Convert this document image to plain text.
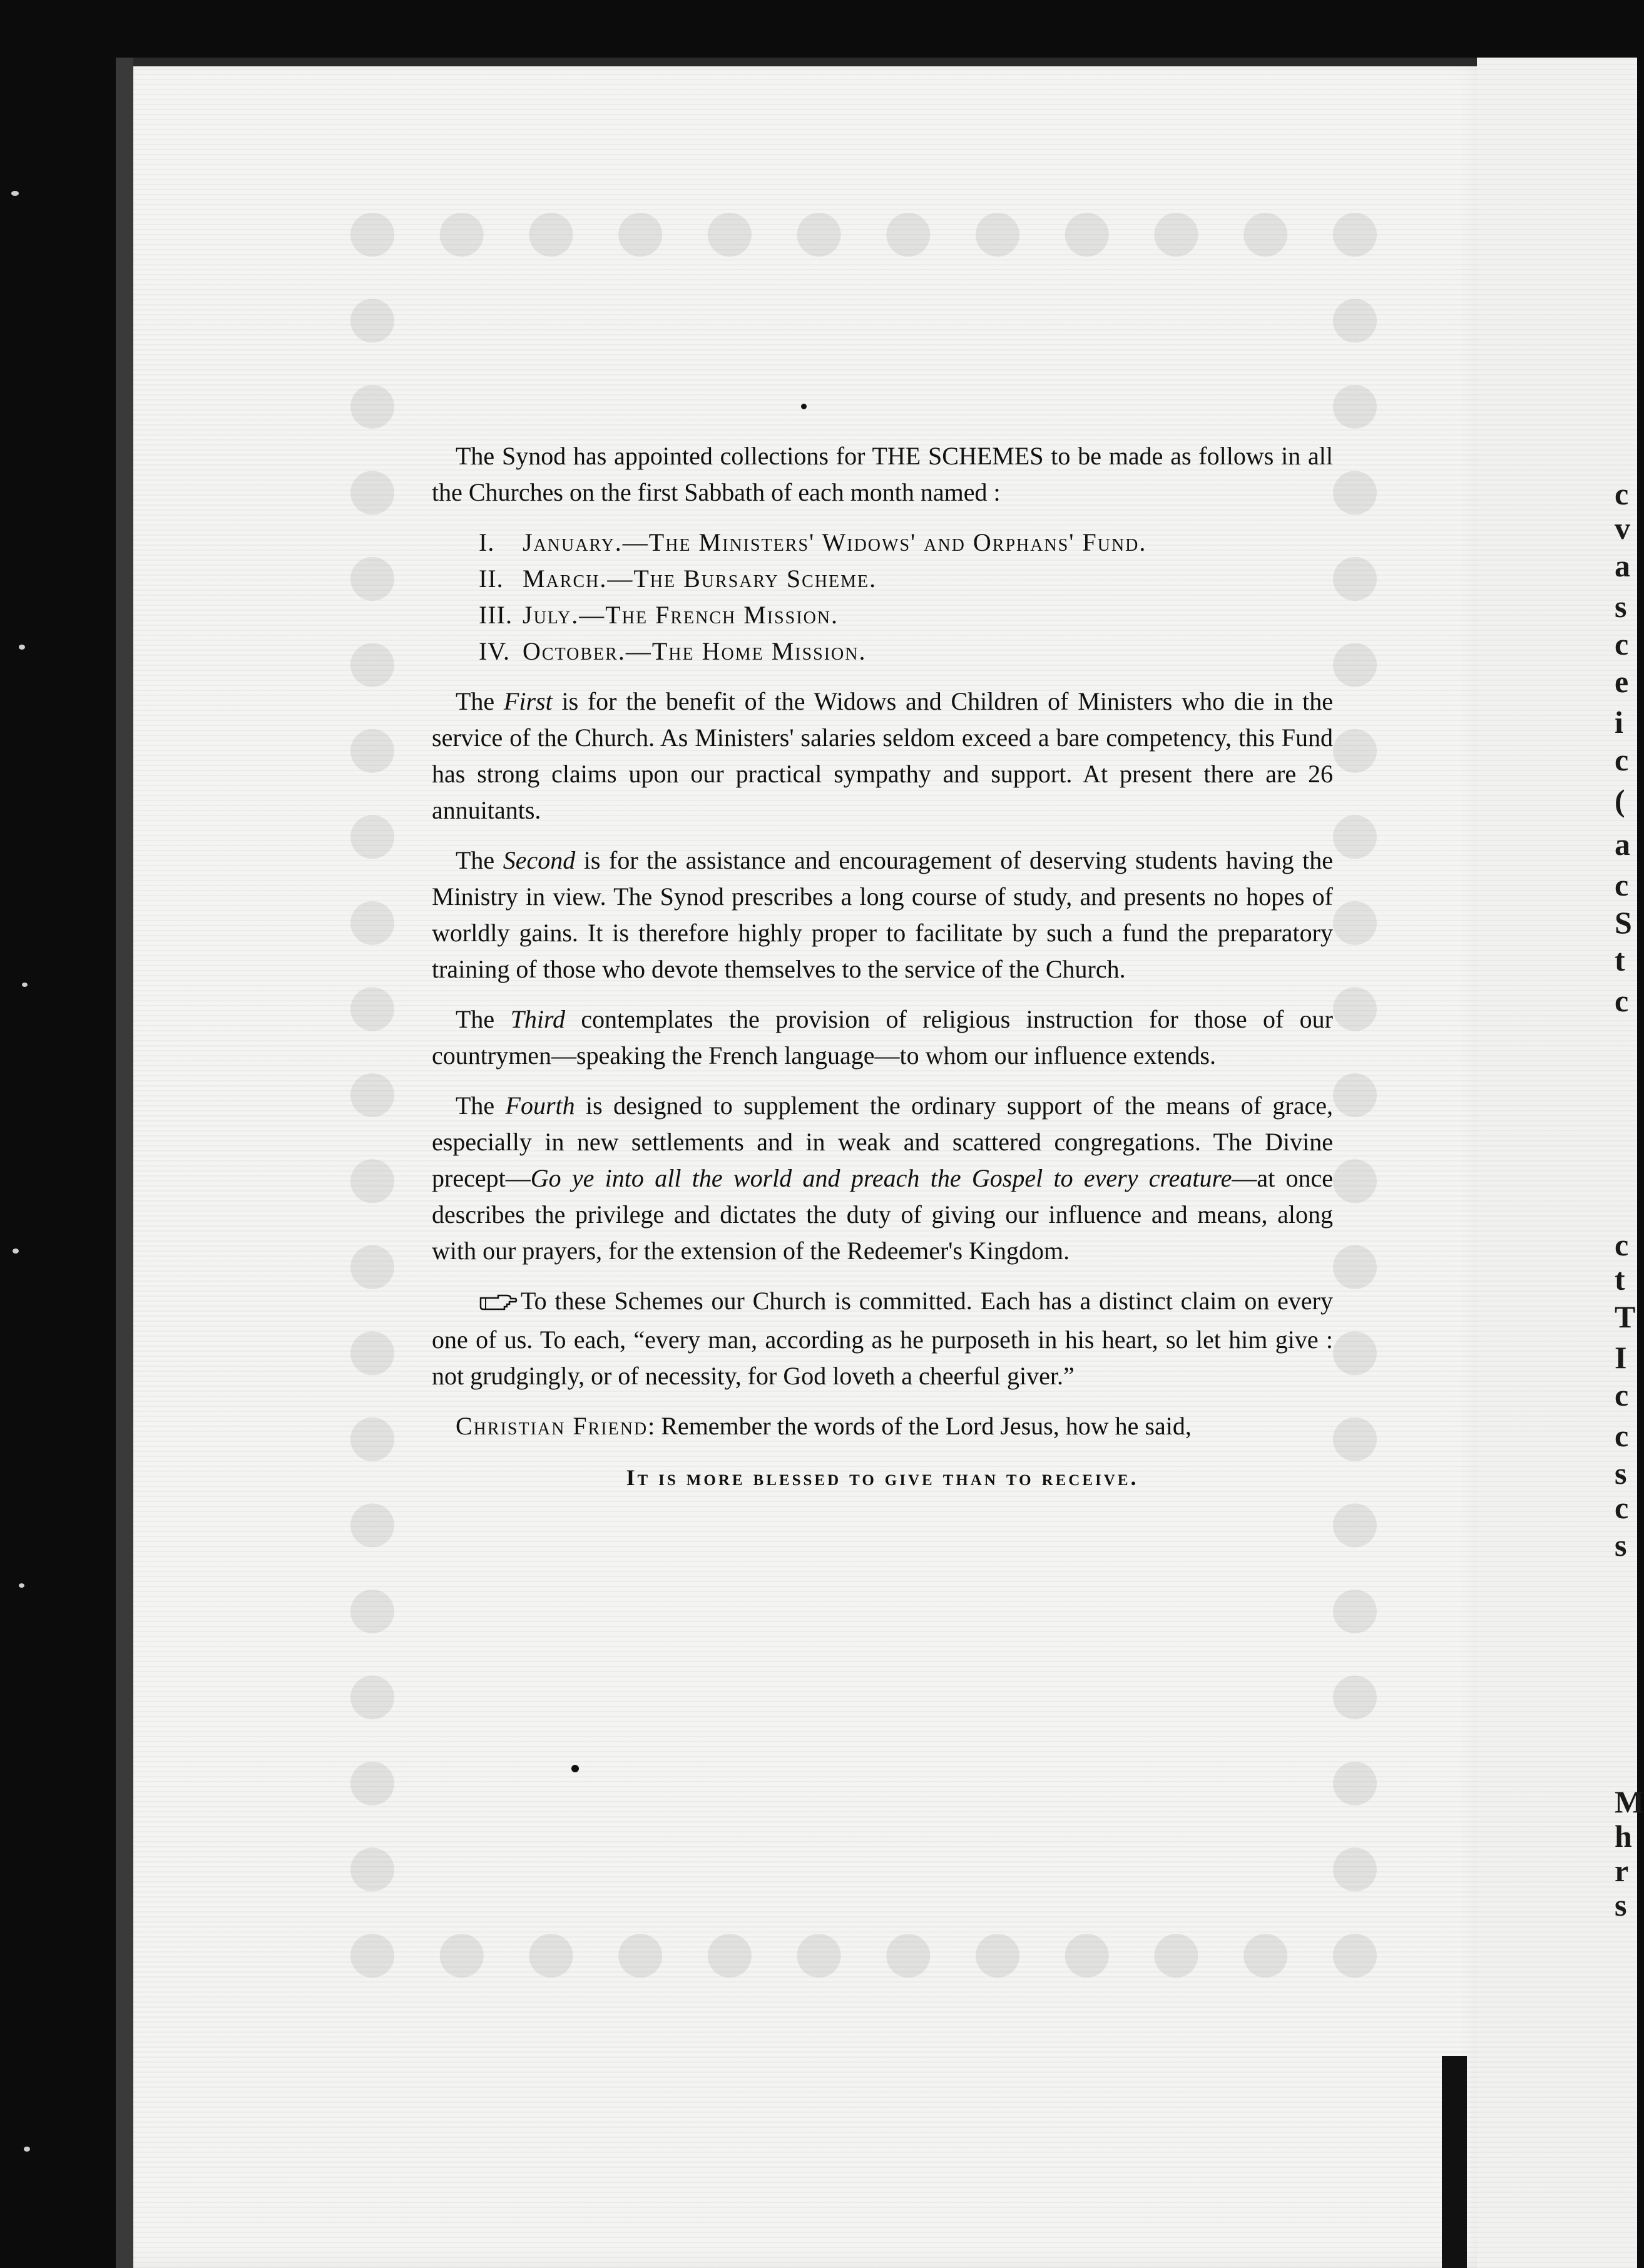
c
v
a
s
c
e
i
c
(
a
c
S
t
c
c
t
T
I
c
c
s
c
s
M
h
r
s

The Synod has appointed collections for THE SCHEMES to be made as follows in all the Churches on the first Sabbath of each month named :

I. January.—The Ministers' Widows' and Orphans' Fund.
II. March.—The Bursary Scheme.
III. July.—The French Mission.
IV. October.—The Home Mission.

The First is for the benefit of the Widows and Children of Ministers who die in the service of the Church. As Ministers' salaries seldom exceed a bare competency, this Fund has strong claims upon our practical sympathy and support. At present there are 26 annuitants.

The Second is for the assistance and encouragement of deserving students having the Ministry in view. The Synod prescribes a long course of study, and presents no hopes of worldly gains. It is therefore highly proper to facilitate by such a fund the preparatory training of those who devote themselves to the service of the Church.

The Third contemplates the provision of religious instruction for those of our countrymen—speaking the French language—to whom our influence extends.

The Fourth is designed to supplement the ordinary support of the means of grace, especially in new settlements and in weak and scattered congregations. The Divine precept—Go ye into all the world and preach the Gospel to every creature—at once describes the privilege and dictates the duty of giving our influence and means, along with our prayers, for the extension of the Redeemer's Kingdom.

To these Schemes our Church is committed. Each has a distinct claim on every one of us. To each, “every man, according as he purposeth in his heart, so let him give : not grudgingly, or of necessity, for God loveth a cheerful giver.”

Christian Friend: Remember the words of the Lord Jesus, how he said,

It is more blessed to give than to receive.
